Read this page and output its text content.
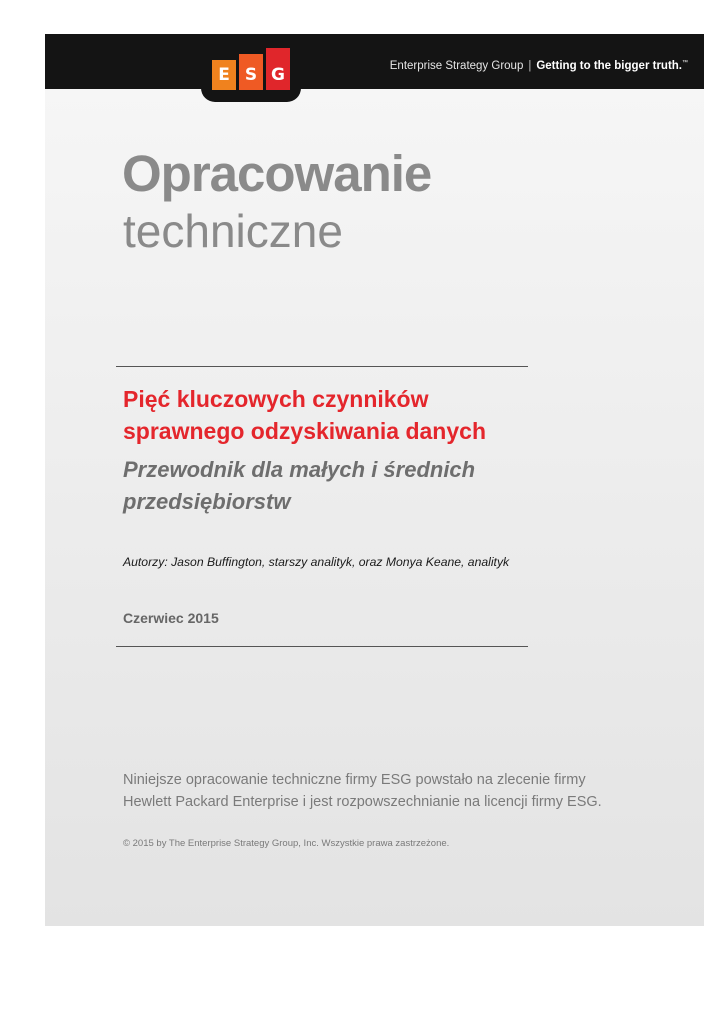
Enterprise Strategy Group | Getting to the bigger truth.™
E S G
Opracowanie
techniczne
Pięć kluczowych czynników
sprawnego odzyskiwania danych
Przewodnik dla małych i średnich
przedsiębiorstw
Autorzy: Jason Buffington, starszy analityk, oraz Monya Keane, analityk
Czerwiec 2015

Niniejsze opracowanie techniczne firmy ESG powstało na zlecenie firmy
Hewlett Packard Enterprise i jest rozpowszechnianie na licencji firmy ESG.

© 2015 by The Enterprise Strategy Group, Inc. Wszystkie prawa zastrzeżone.
